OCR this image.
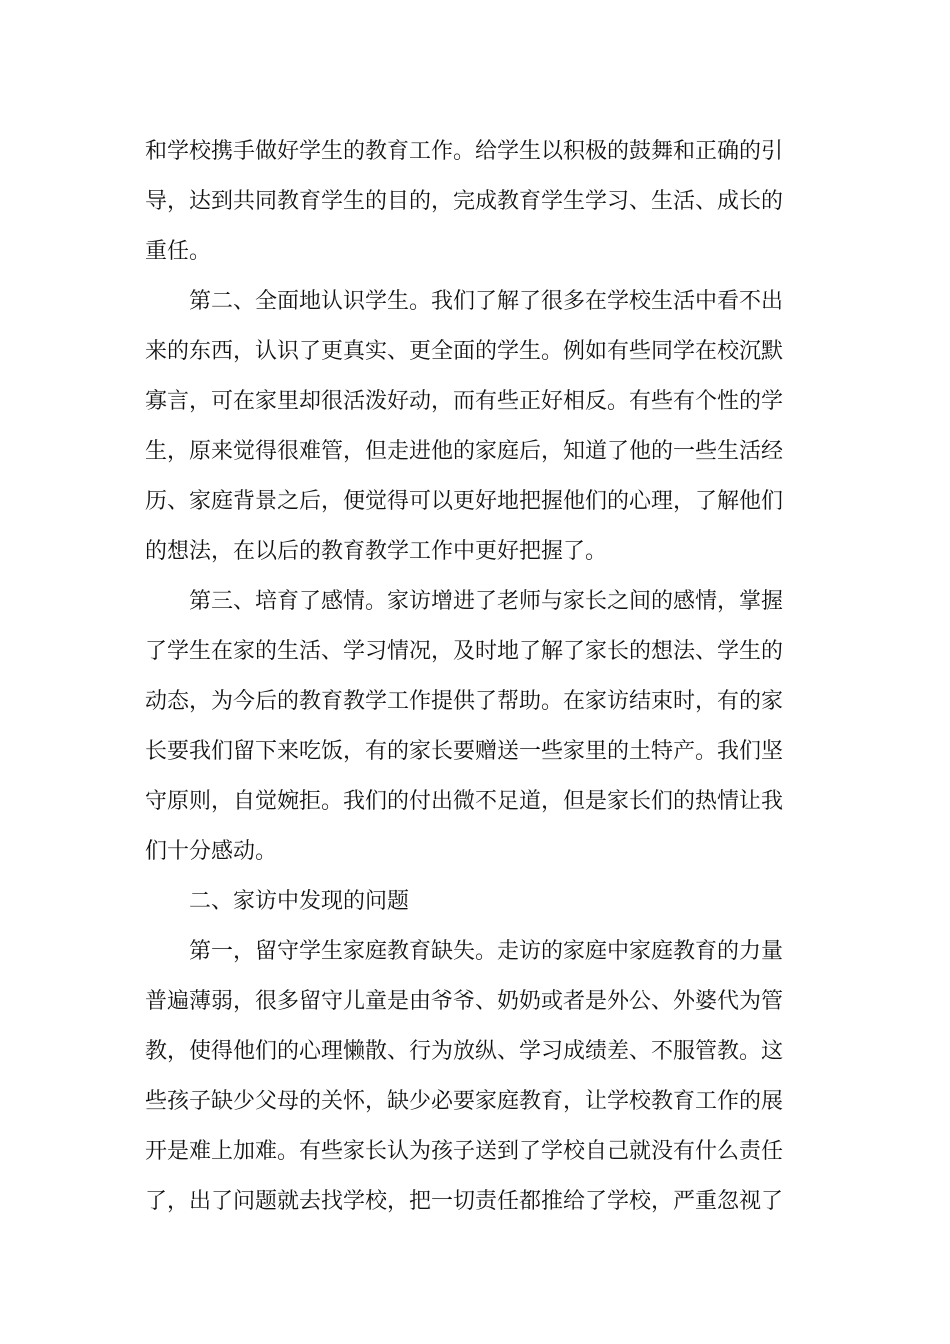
和学校携手做好学生的教育工作。给学生以积极的鼓舞和正确的引
导，达到共同教育学生的目的，完成教育学生学习、生活、成长的
重任。
　　第二、全面地认识学生。我们了解了很多在学校生活中看不出
来的东西，认识了更真实、更全面的学生。例如有些同学在校沉默
寡言，可在家里却很活泼好动，而有些正好相反。有些有个性的学
生，原来觉得很难管，但走进他的家庭后，知道了他的一些生活经
历、家庭背景之后，便觉得可以更好地把握他们的心理，了解他们
的想法，在以后的教育教学工作中更好把握了。
　　第三、培育了感情。家访增进了老师与家长之间的感情，掌握
了学生在家的生活、学习情况，及时地了解了家长的想法、学生的
动态，为今后的教育教学工作提供了帮助。在家访结束时，有的家
长要我们留下来吃饭，有的家长要赠送一些家里的土特产。我们坚
守原则，自觉婉拒。我们的付出微不足道，但是家长们的热情让我
们十分感动。
　　二、家访中发现的问题
　　第一，留守学生家庭教育缺失。走访的家庭中家庭教育的力量
普遍薄弱，很多留守儿童是由爷爷、奶奶或者是外公、外婆代为管
教，使得他们的心理懒散、行为放纵、学习成绩差、不服管教。这
些孩子缺少父母的关怀，缺少必要家庭教育，让学校教育工作的展
开是难上加难。有些家长认为孩子送到了学校自己就没有什么责任
了，出了问题就去找学校，把一切责任都推给了学校，严重忽视了
